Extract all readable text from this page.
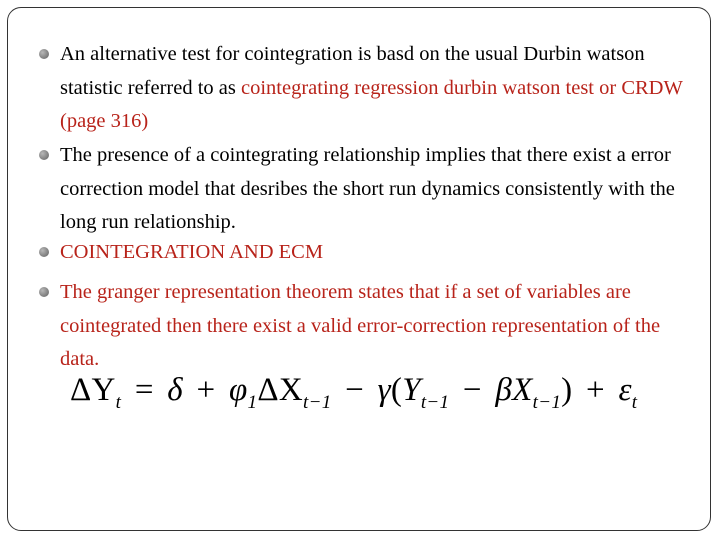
An alternative test for cointegration is basd on the usual Durbin watson statistic referred to as cointegrating regression durbin watson test or CRDW (page 316)
The presence of a cointegrating relationship implies that there exist a error correction model that desribes the short run dynamics consistently with the long run relationship.
COINTEGRATION AND ECM
The granger representation theorem states that if a set of variables are cointegrated then there exist a valid error-correction representation of the data.
$\Delta Y_t = \delta + \varphi_1\Delta X_{t-1} - \gamma(Y_{t-1} - \beta X_{t-1}) + \varepsilon_t$
